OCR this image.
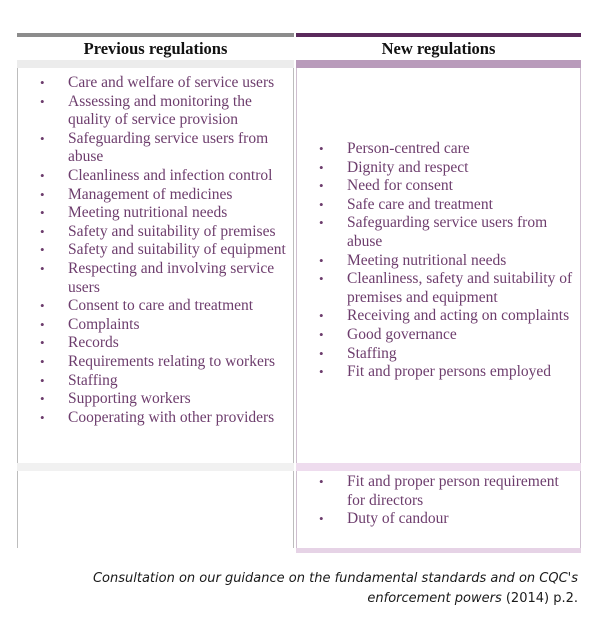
Previous regulations
• Care and welfare of service users
• Assessing and monitoring the quality of service provision
• Safeguarding service users from abuse
• Cleanliness and infection control
• Management of medicines
• Meeting nutritional needs
• Safety and suitability of premises
• Safety and suitability of equipment
• Respecting and involving service users
• Consent to care and treatment
• Complaints
• Records
• Requirements relating to workers
• Staffing
• Supporting workers
• Cooperating with other providers
New regulations
• Person-centred care
• Dignity and respect
• Need for consent
• Safe care and treatment
• Safeguarding service users from abuse
• Meeting nutritional needs
• Cleanliness, safety and suitability of premises and equipment
• Receiving and acting on complaints
• Good governance
• Staffing
• Fit and proper persons employed
• Fit and proper person requirement for directors
• Duty of candour
Consultation on our guidance on the fundamental standards and on CQC's
enforcement powers (2014) p.2.
